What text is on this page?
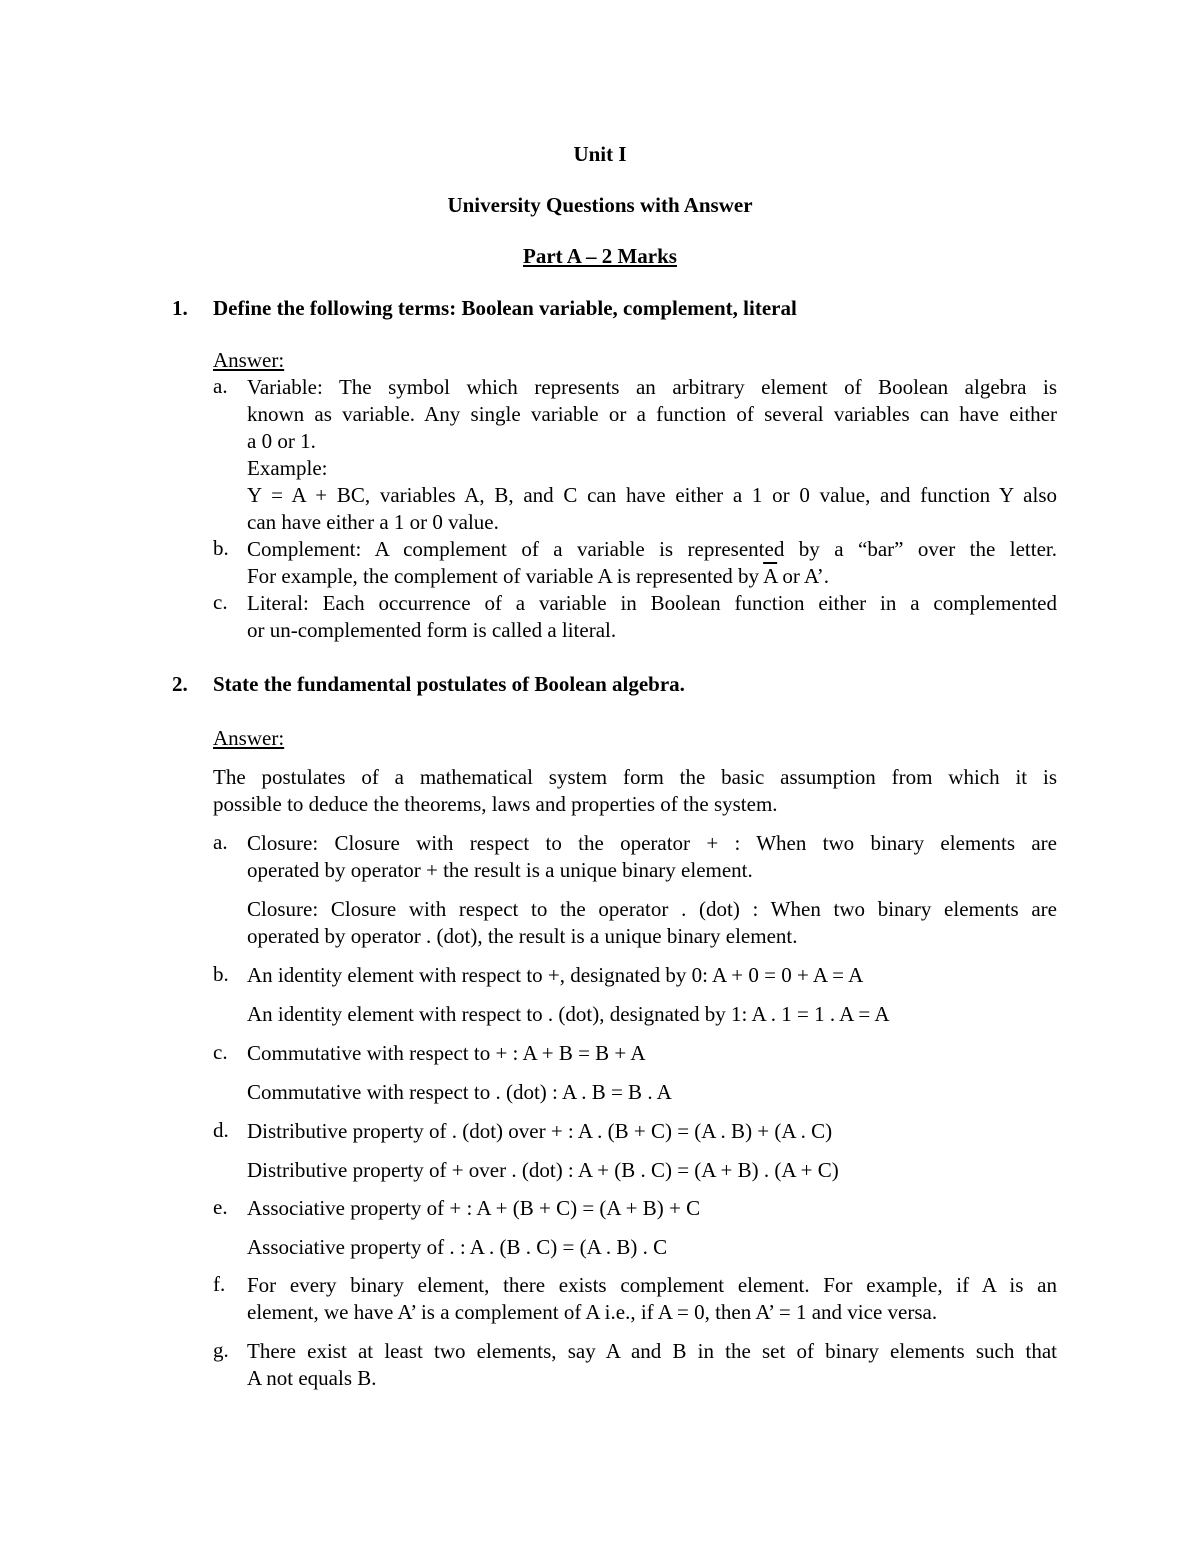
Unit I
University Questions with Answer
Part A – 2 Marks
1. Define the following terms: Boolean variable, complement, literal
Answer:
a. Variable: The symbol which represents an arbitrary element of Boolean algebra is
known as variable. Any single variable or a function of several variables can have either
a 0 or 1.
Example:
Y = A + BC, variables A, B, and C can have either a 1 or 0 value, and function Y also
can have either a 1 or 0 value.
b. Complement: A complement of a variable is represented by a “bar” over the letter.
For example, the complement of variable A is represented by $\overline{A}$ or A’.
c. Literal: Each occurrence of a variable in Boolean function either in a complemented
or un-complemented form is called a literal.
2. State the fundamental postulates of Boolean algebra.
Answer:
The postulates of a mathematical system form the basic assumption from which it is
possible to deduce the theorems, laws and properties of the system.
a. Closure: Closure with respect to the operator + : When two binary elements are
operated by operator + the result is a unique binary element.
Closure: Closure with respect to the operator . (dot) : When two binary elements are
operated by operator . (dot), the result is a unique binary element.
b. An identity element with respect to +, designated by 0: A + 0 = 0 + A = A
An identity element with respect to . (dot), designated by 1: A . 1 = 1 . A = A
c. Commutative with respect to + : A + B = B + A
Commutative with respect to . (dot) : A . B = B . A
d. Distributive property of . (dot) over + : A . (B + C) = (A . B) + (A . C)
Distributive property of + over . (dot) : A + (B . C) = (A + B) . (A + C)
e. Associative property of + : A + (B + C) = (A + B) + C
Associative property of . : A . (B . C) = (A . B) . C
f. For every binary element, there exists complement element. For example, if A is an
element, we have A’ is a complement of A i.e., if A = 0, then A’ = 1 and vice versa.
g. There exist at least two elements, say A and B in the set of binary elements such that
A not equals B.
